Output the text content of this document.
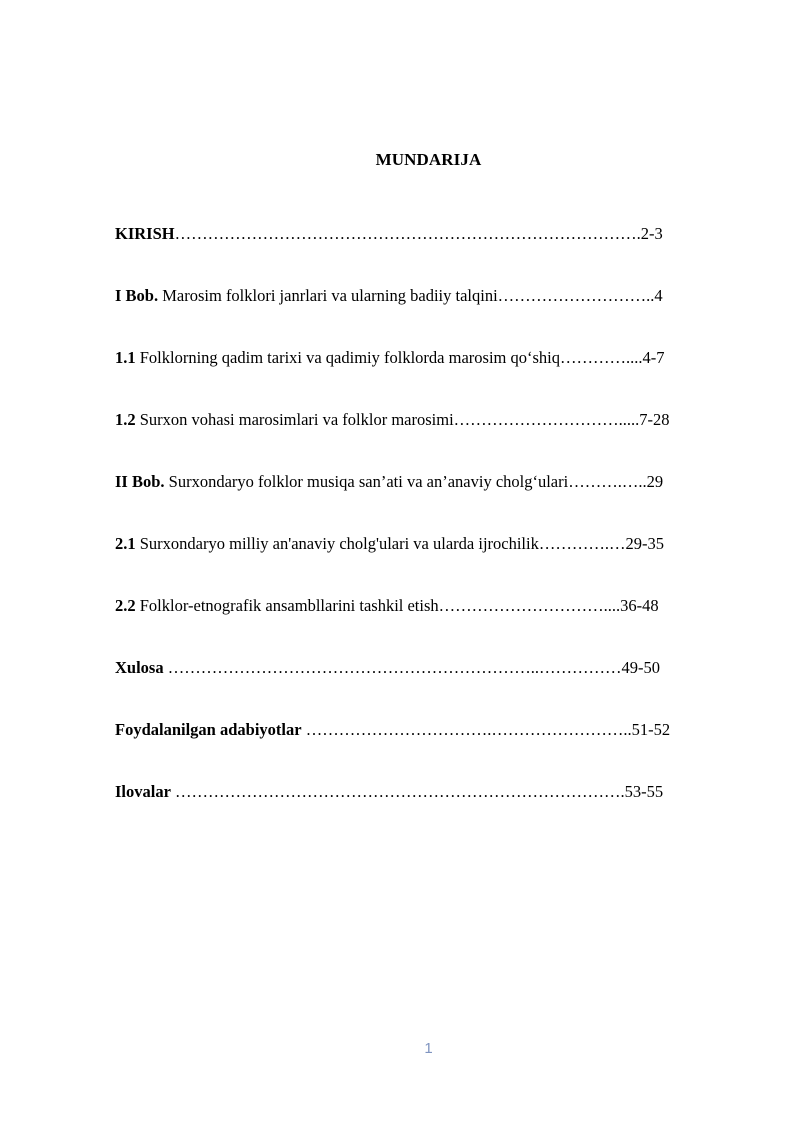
MUNDARIJA
KIRISH………………………………………………………………………….2-3
I Bob. Marosim folklori janrlari va ularning badiiy talqini………………………..4
1.1 Folklorning qadim tarixi va qadimiy folklorda marosim qo‘shiq…………....4-7
1.2 Surxon vohasi marosimlari va folklor marosimi………………………….....7-28
II Bob. Surxondaryo folklor musiqa san’ati va an’anaviy cholg‘ulari……….…..29
2.1 Surxondaryo milliy an'anaviy cholg'ulari va ularda ijrochilik………….…29-35
2.2 Folklor-etnografik ansambllarini tashkil etish…………………………....36-48
Xulosa …………………………………………………………..……………49-50
Foydalanilgan adabiyotlar …………………………….……………………..51-52
Ilovalar ……………………………………………………………………….53-55
1
